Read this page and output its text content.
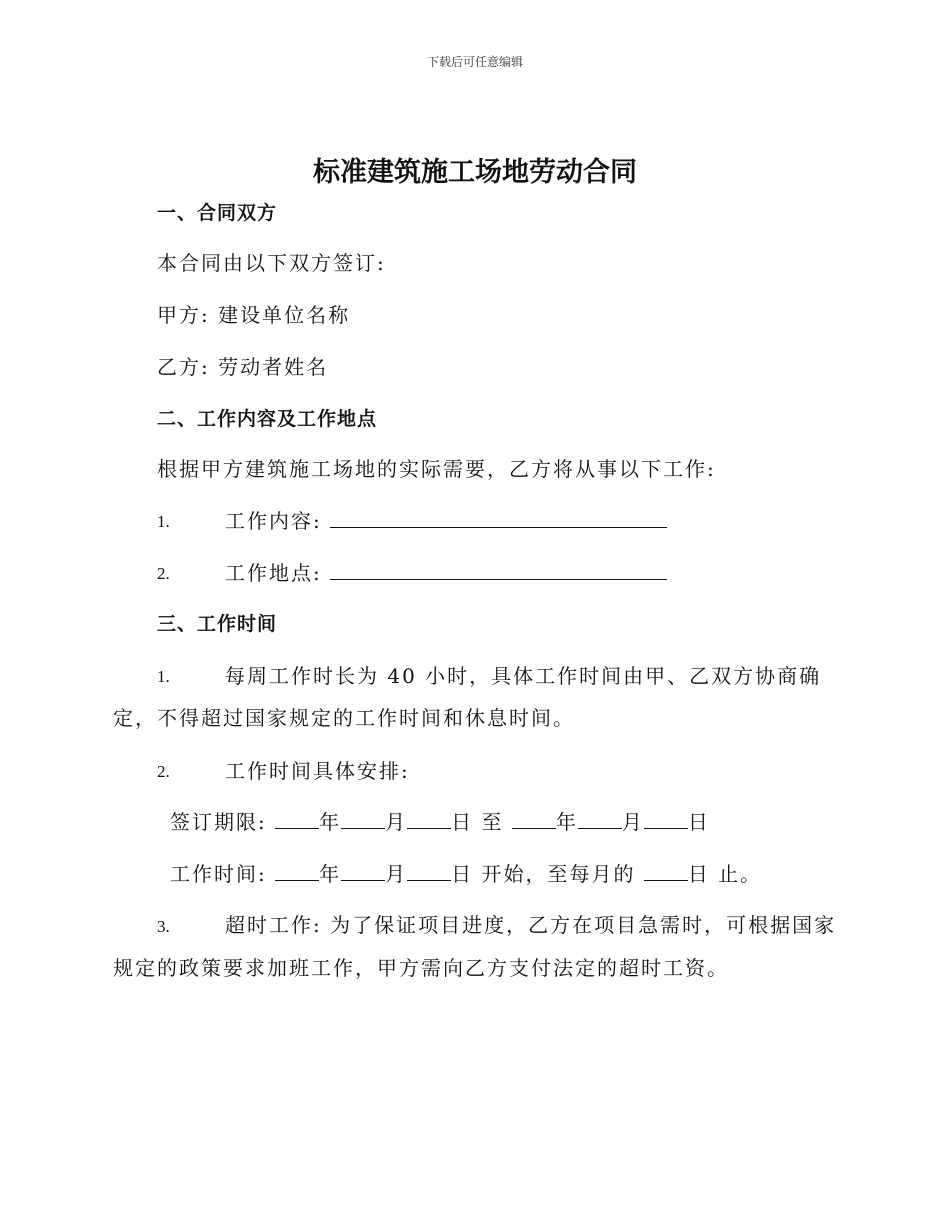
下载后可任意编辑
标准建筑施工场地劳动合同
一、合同双方
本合同由以下双方签订:
甲方: 建设单位名称
乙方: 劳动者姓名
二、工作内容及工作地点
根据甲方建筑施工场地的实际需要，乙方将从事以下工作:
1.	工作内容:
2.	工作地点:
三、工作时间
1.	每周工作时长为 40 小时，具体工作时间由甲、乙双方协商确
定，不得超过国家规定的工作时间和休息时间。
2.	工作时间具体安排:
签订期限:	年 月 日 至	年 月 日
工作时间:	年 月 日 开始，至每月的	日 止。
3.	超时工作: 为了保证项目进度，乙方在项目急需时，可根据国家
规定的政策要求加班工作，甲方需向乙方支付法定的超时工资。
